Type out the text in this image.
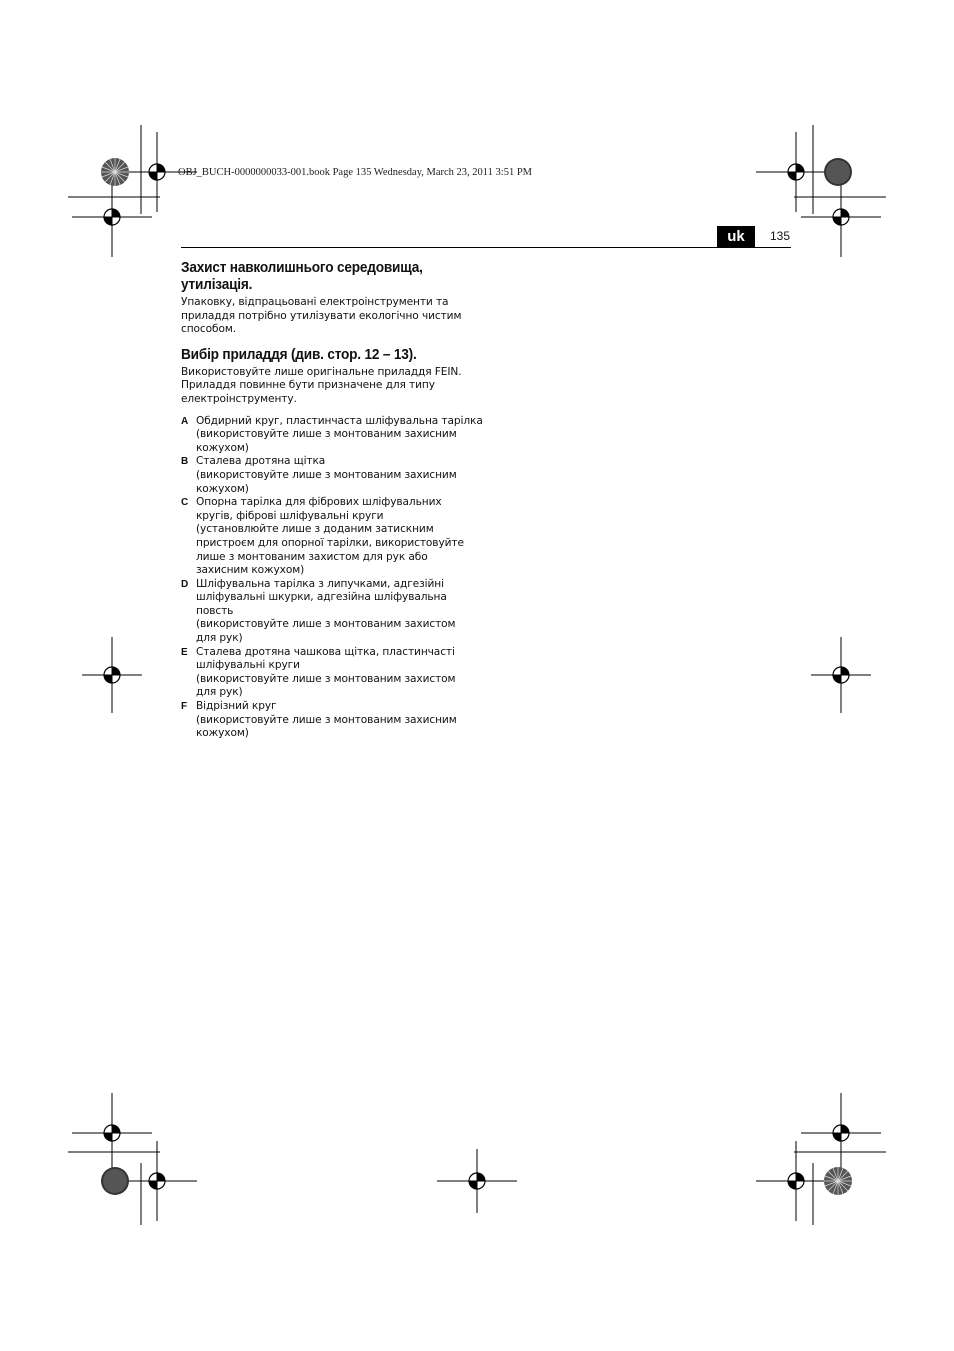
OBJ_BUCH-0000000033-001.book Page 135 Wednesday, March 23, 2011 3:51 PM
uk	135
Захист навколишнього середовища,
утилізація.

Упаковку, відпрацьовані електроінструменти та
приладдя потрібно утилізувати екологічно чистим
способом.

Вибір приладдя (див. стор. 12 – 13).

Використовуйте лише оригінальне приладдя FEIN.
Приладдя повинне бути призначене для типу
електроінструменту.

A Обдирний круг, пластинчаста шліфувальна тарілка
(використовуйте лише з монтованим захисним
кожухом)
B Сталева дротяна щітка
(використовуйте лише з монтованим захисним
кожухом)
C Опорна тарілка для фібрових шліфувальних
кругів, фіброві шліфувальні круги
(установлюйте лише з доданим затискним
пристроєм для опорної тарілки, використовуйте
лише з монтованим захистом для рук або
захисним кожухом)
D Шліфувальна тарілка з липучками, адгезійні
шліфувальні шкурки, адгезійна шліфувальна
повсть
(використовуйте лише з монтованим захистом
для рук)
E Сталева дротяна чашкова щітка, пластинчасті
шліфувальні круги
(використовуйте лише з монтованим захистом
для рук)
F Відрізний круг
(використовуйте лише з монтованим захисним
кожухом)
